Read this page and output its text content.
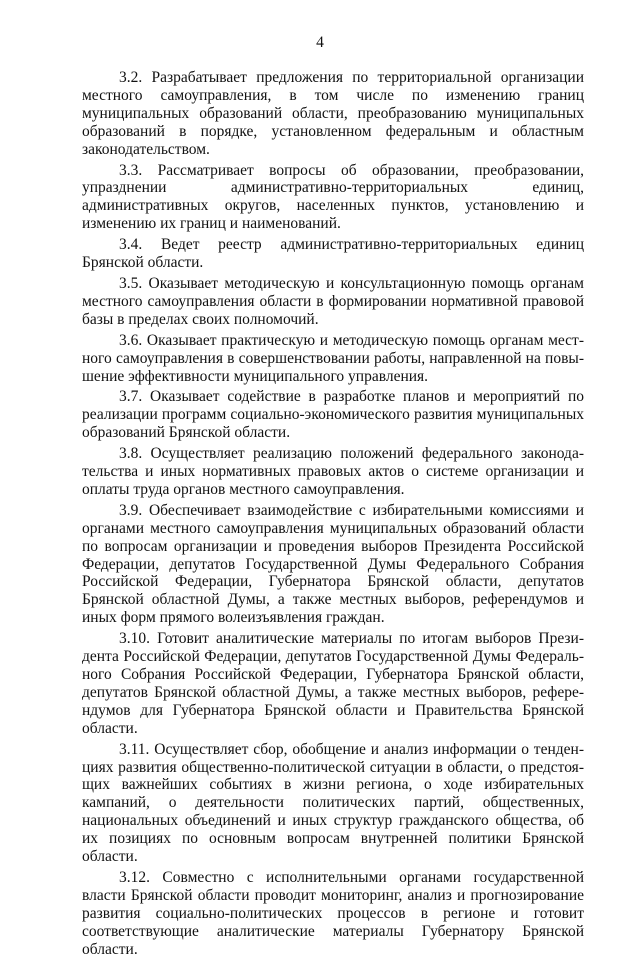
4

3.2. Разрабатывает предложения по территориальной организации местного самоуправления, в том числе по изменению границ муниципальных образований области, преобразованию муниципальных образований в порядке, установленном федеральным и областным законодательством.

3.3. Рассматривает вопросы об образовании, преобразовании, упразднении административно-территориальных единиц, административных округов, населенных пунктов, установлению и изменению их границ и наименований.

3.4. Ведет реестр административно-территориальных единиц Брянской области.

3.5. Оказывает методическую и консультационную помощь органам местного самоуправления области в формировании нормативной правовой базы в пределах своих полномочий.

3.6. Оказывает практическую и методическую помощь органам местного самоуправления в совершенствовании работы, направленной на повышение эффективности муниципального управления.

3.7. Оказывает содействие в разработке планов и мероприятий по реализации программ социально-экономического развития муниципальных образований Брянской области.

3.8. Осуществляет реализацию положений федерального законодательства и иных нормативных правовых актов о системе организации и оплаты труда органов местного самоуправления.

3.9. Обеспечивает взаимодействие с избирательными комиссиями и органами местного самоуправления муниципальных образований области по вопросам организации и проведения выборов Президента Российской Федерации, депутатов Государственной Думы Федерального Собрания Российской Федерации, Губернатора Брянской области, депутатов Брянской областной Думы, а также местных выборов, референдумов и иных форм прямого волеизъявления граждан.

3.10. Готовит аналитические материалы по итогам выборов Президента Российской Федерации, депутатов Государственной Думы Федерального Собрания Российской Федерации, Губернатора Брянской области, депутатов Брянской областной Думы, а также местных выборов, референдумов для Губернатора Брянской области и Правительства Брянской области.

3.11. Осуществляет сбор, обобщение и анализ информации о тенденциях развития общественно-политической ситуации в области, о предстоящих важнейших событиях в жизни региона, о ходе избирательных кампаний, о деятельности политических партий, общественных, национальных объединений и иных структур гражданского общества, об их позициях по основным вопросам внутренней политики Брянской области.

3.12. Совместно с исполнительными органами государственной власти Брянской области проводит мониторинг, анализ и прогнозирование развития социально-политических процессов в регионе и готовит соответствующие аналитические материалы Губернатору Брянской области.
